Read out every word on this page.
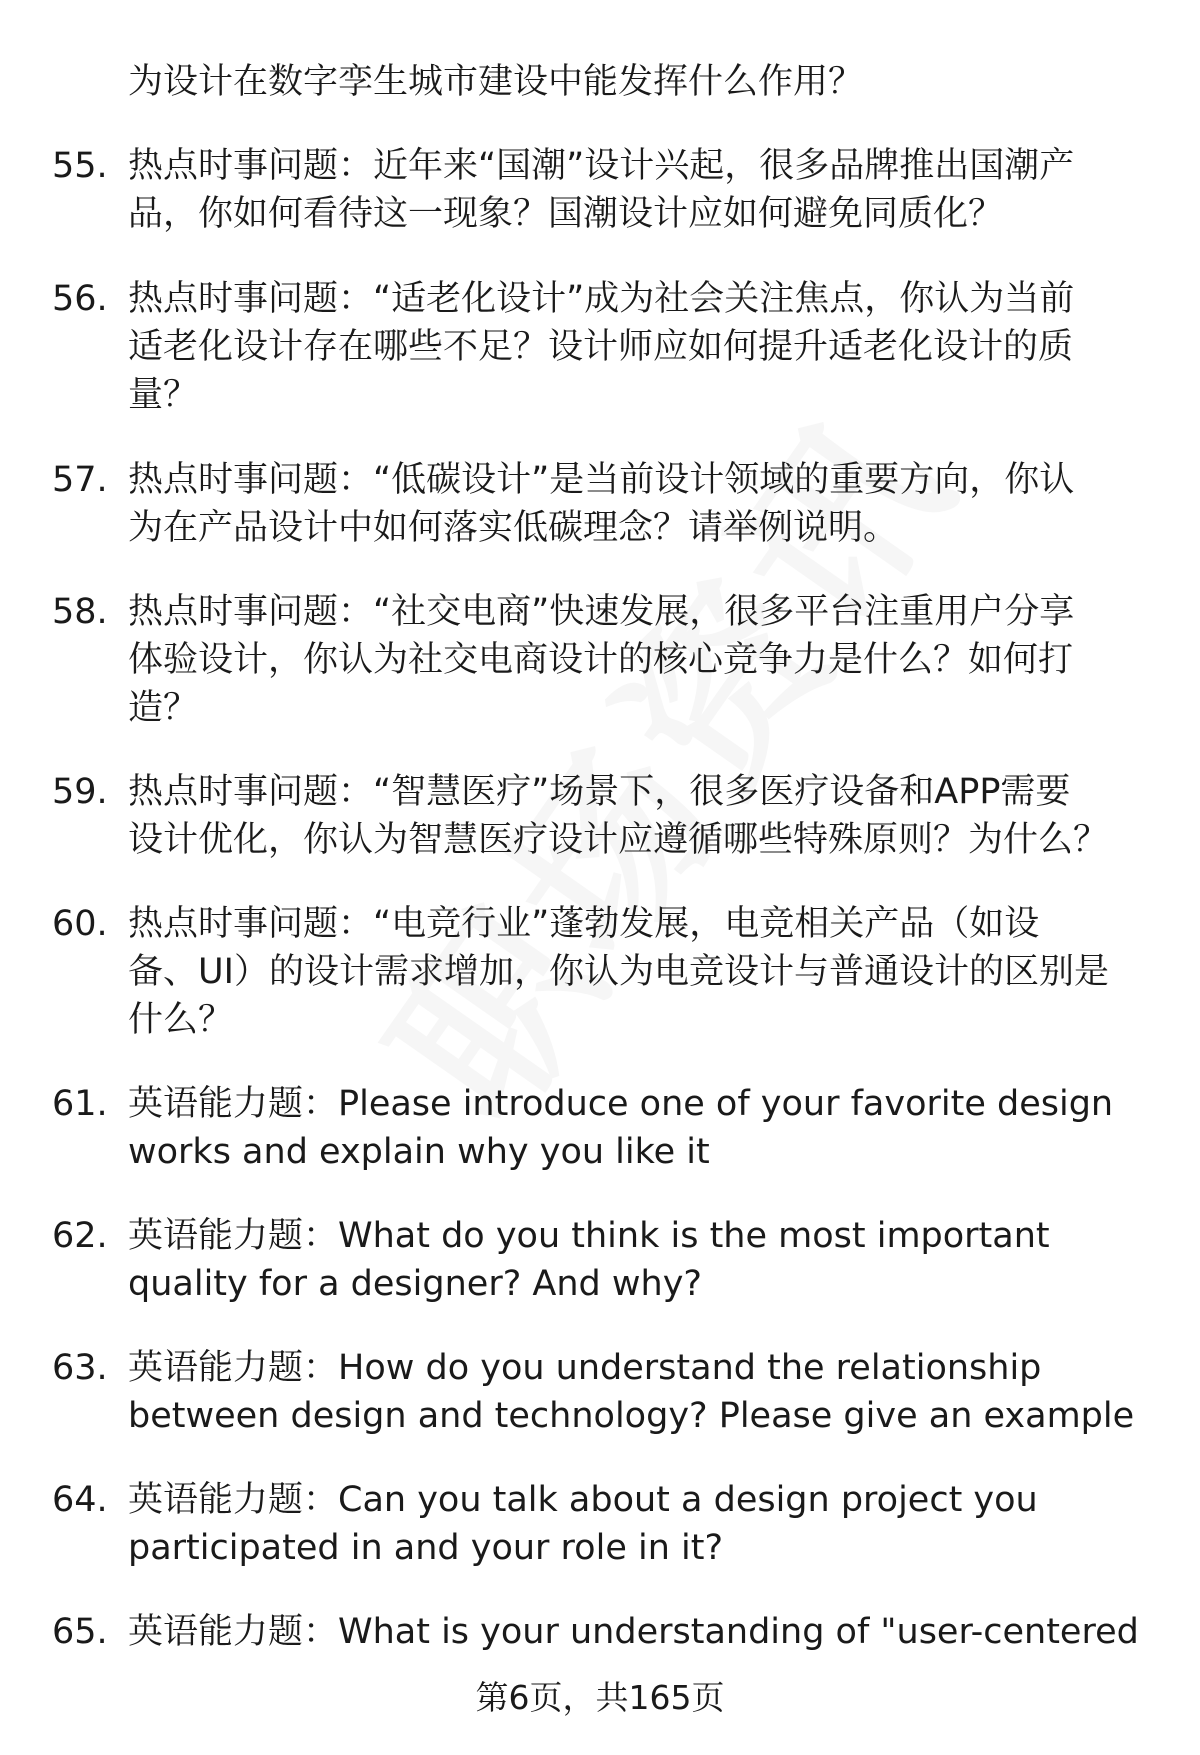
为设计在数字孪生城市建设中能发挥什么作用？
55. 热点时事问题：近年来“国潮”设计兴起，很多品牌推出国潮产
品，你如何看待这一现象？国潮设计应如何避免同质化？
56. 热点时事问题：“适老化设计”成为社会关注焦点，你认为当前
适老化设计存在哪些不足？设计师应如何提升适老化设计的质
量？
57. 热点时事问题：“低碳设计”是当前设计领域的重要方向，你认
为在产品设计中如何落实低碳理念？请举例说明。
58. 热点时事问题：“社交电商”快速发展，很多平台注重用户分享
体验设计，你认为社交电商设计的核心竞争力是什么？如何打
造？
59. 热点时事问题：“智慧医疗”场景下，很多医疗设备和APP需要
设计优化，你认为智慧医疗设计应遵循哪些特殊原则？为什么？
60. 热点时事问题：“电竞行业”蓬勃发展，电竞相关产品（如设
备、UI）的设计需求增加，你认为电竞设计与普通设计的区别是
什么？
61. 英语能力题：Please introduce one of your favorite design
works and explain why you like it
62. 英语能力题：What do you think is the most important
quality for a designer? And why?
63. 英语能力题：How do you understand the relationship
between design and technology? Please give an example
64. 英语能力题：Can you talk about a design project you
participated in and your role in it?
65. 英语能力题：What is your understanding of "user-centered
第6页，共165页
